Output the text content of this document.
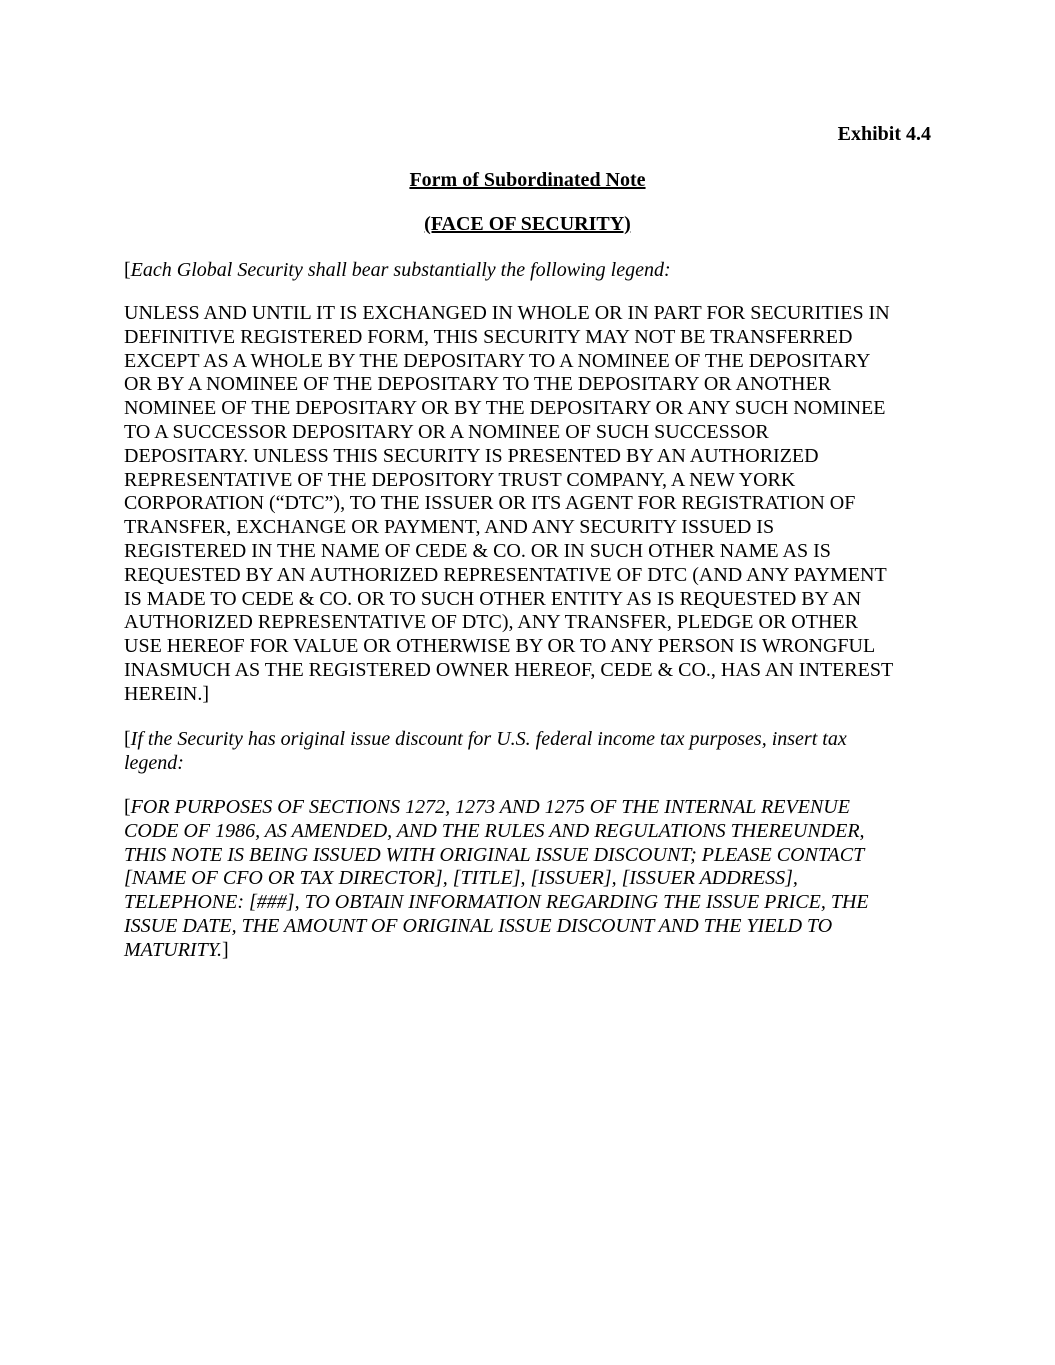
Exhibit 4.4

Form of Subordinated Note

(FACE OF SECURITY)

[Each Global Security shall bear substantially the following legend:

UNLESS AND UNTIL IT IS EXCHANGED IN WHOLE OR IN PART FOR SECURITIES IN
DEFINITIVE REGISTERED FORM, THIS SECURITY MAY NOT BE TRANSFERRED
EXCEPT AS A WHOLE BY THE DEPOSITARY TO A NOMINEE OF THE DEPOSITARY
OR BY A NOMINEE OF THE DEPOSITARY TO THE DEPOSITARY OR ANOTHER
NOMINEE OF THE DEPOSITARY OR BY THE DEPOSITARY OR ANY SUCH NOMINEE
TO A SUCCESSOR DEPOSITARY OR A NOMINEE OF SUCH SUCCESSOR
DEPOSITARY. UNLESS THIS SECURITY IS PRESENTED BY AN AUTHORIZED
REPRESENTATIVE OF THE DEPOSITORY TRUST COMPANY, A NEW YORK
CORPORATION (“DTC”), TO THE ISSUER OR ITS AGENT FOR REGISTRATION OF
TRANSFER, EXCHANGE OR PAYMENT, AND ANY SECURITY ISSUED IS
REGISTERED IN THE NAME OF CEDE & CO. OR IN SUCH OTHER NAME AS IS
REQUESTED BY AN AUTHORIZED REPRESENTATIVE OF DTC (AND ANY PAYMENT
IS MADE TO CEDE & CO. OR TO SUCH OTHER ENTITY AS IS REQUESTED BY AN
AUTHORIZED REPRESENTATIVE OF DTC), ANY TRANSFER, PLEDGE OR OTHER
USE HEREOF FOR VALUE OR OTHERWISE BY OR TO ANY PERSON IS WRONGFUL
INASMUCH AS THE REGISTERED OWNER HEREOF, CEDE & CO., HAS AN INTEREST
HEREIN.]
[If the Security has original issue discount for U.S. federal income tax purposes, insert tax
legend:
[FOR PURPOSES OF SECTIONS 1272, 1273 AND 1275 OF THE INTERNAL REVENUE
CODE OF 1986, AS AMENDED, AND THE RULES AND REGULATIONS THEREUNDER,
THIS NOTE IS BEING ISSUED WITH ORIGINAL ISSUE DISCOUNT; PLEASE CONTACT
[NAME OF CFO OR TAX DIRECTOR], [TITLE], [ISSUER], [ISSUER ADDRESS],
TELEPHONE: [###], TO OBTAIN INFORMATION REGARDING THE ISSUE PRICE, THE
ISSUE DATE, THE AMOUNT OF ORIGINAL ISSUE DISCOUNT AND THE YIELD TO
MATURITY.]
